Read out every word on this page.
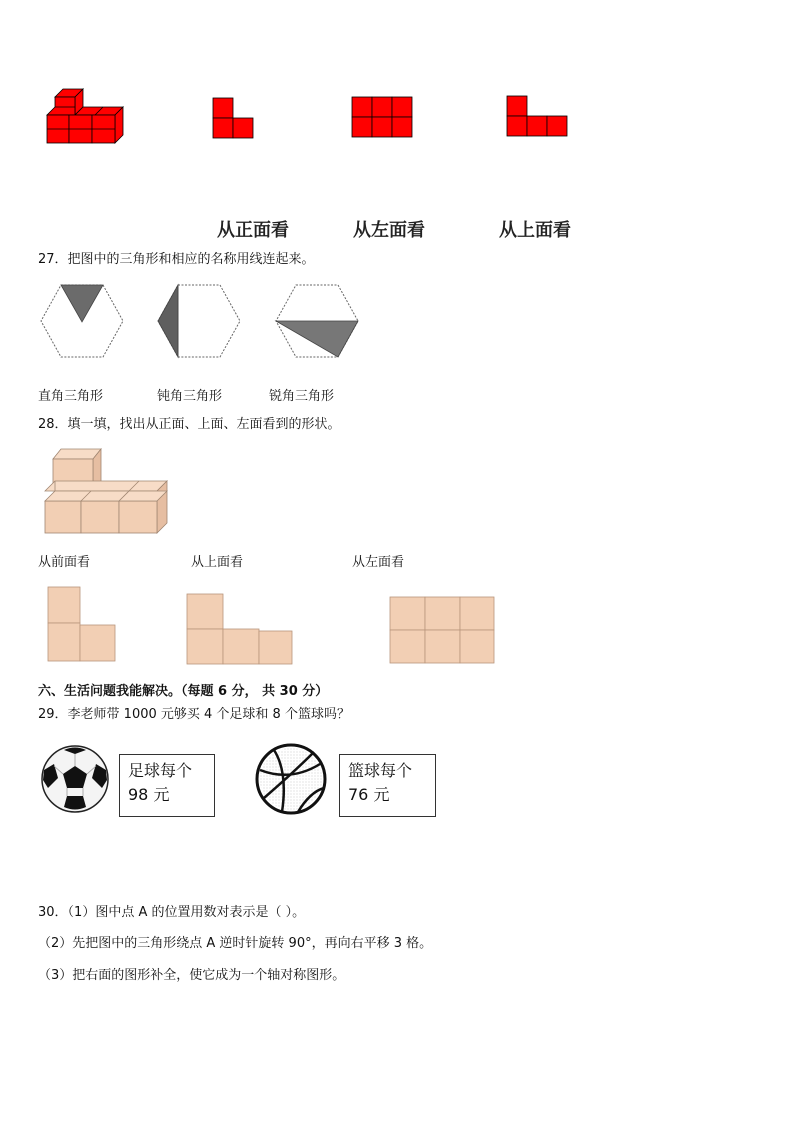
从正面看	从左面看	从上面看
27．把图中的三角形和相应的名称用线连起来。
直角三角形	钝角三角形	锐角三角形
28．填一填，找出从正面、上面、左面看到的形状。
从前面看	从上面看	从左面看
六、生活问题我能解决。（每题 6 分， 共 30 分）
29．李老师带 1000 元够买 4 个足球和 8 个篮球吗？
足球每个
98 元
篮球每个
76 元
30．（1）图中点 A 的位置用数对表示是（ ）。
（2）先把图中的三角形绕点 A 逆时针旋转 90°，再向右平移 3 格。
（3）把右面的图形补全，使它成为一个轴对称图形。
